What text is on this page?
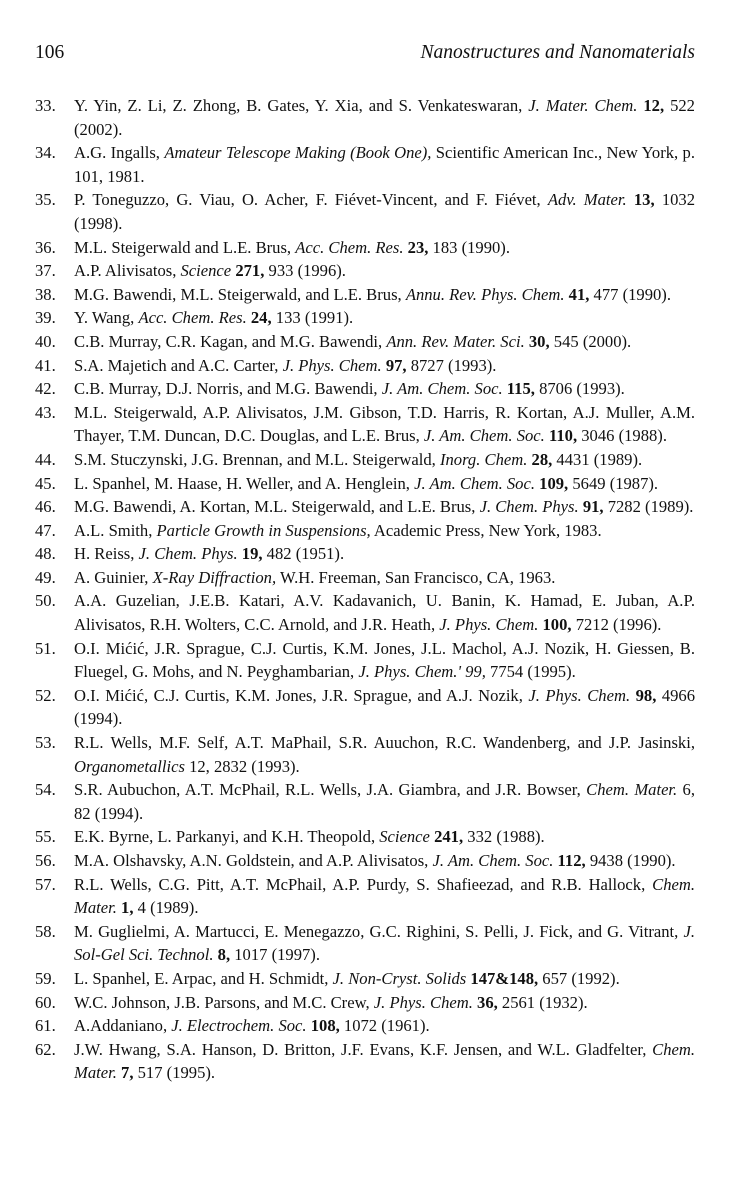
106	Nanostructures and Nanomaterials
33.	Y. Yin, Z. Li, Z. Zhong, B. Gates, Y. Xia, and S. Venkateswaran, J. Mater. Chem. 12, 522 (2002).
34.	A.G. Ingalls, Amateur Telescope Making (Book One), Scientific American Inc., New York, p. 101, 1981.
35.	P. Toneguzzo, G. Viau, O. Acher, F. Fiévet-Vincent, and F. Fiévet, Adv. Mater. 13, 1032 (1998).
36.	M.L. Steigerwald and L.E. Brus, Acc. Chem. Res. 23, 183 (1990).
37.	A.P. Alivisatos, Science 271, 933 (1996).
38.	M.G. Bawendi, M.L. Steigerwald, and L.E. Brus, Annu. Rev. Phys. Chem. 41, 477 (1990).
39.	Y. Wang, Acc. Chem. Res. 24, 133 (1991).
40.	C.B. Murray, C.R. Kagan, and M.G. Bawendi, Ann. Rev. Mater. Sci. 30, 545 (2000).
41.	S.A. Majetich and A.C. Carter, J. Phys. Chem. 97, 8727 (1993).
42.	C.B. Murray, D.J. Norris, and M.G. Bawendi, J. Am. Chem. Soc. 115, 8706 (1993).
43.	M.L. Steigerwald, A.P. Alivisatos, J.M. Gibson, T.D. Harris, R. Kortan, A.J. Muller, A.M. Thayer, T.M. Duncan, D.C. Douglas, and L.E. Brus, J. Am. Chem. Soc. 110, 3046 (1988).
44.	S.M. Stuczynski, J.G. Brennan, and M.L. Steigerwald, Inorg. Chem. 28, 4431 (1989).
45.	L. Spanhel, M. Haase, H. Weller, and A. Henglein, J. Am. Chem. Soc. 109, 5649 (1987).
46.	M.G. Bawendi, A. Kortan, M.L. Steigerwald, and L.E. Brus, J. Chem. Phys. 91, 7282 (1989).
47.	A.L. Smith, Particle Growth in Suspensions, Academic Press, New York, 1983.
48.	H. Reiss, J. Chem. Phys. 19, 482 (1951).
49.	A. Guinier, X-Ray Diffraction, W.H. Freeman, San Francisco, CA, 1963.
50.	A.A. Guzelian, J.E.B. Katari, A.V. Kadavanich, U. Banin, K. Hamad, E. Juban, A.P. Alivisatos, R.H. Wolters, C.C. Arnold, and J.R. Heath, J. Phys. Chem. 100, 7212 (1996).
51.	O.I. Mićić, J.R. Sprague, C.J. Curtis, K.M. Jones, J.L. Machol, A.J. Nozik, H. Giessen, B. Fluegel, G. Mohs, and N. Peyghambarian, J. Phys. Chem.' 99, 7754 (1995).
52.	O.I. Mićić, C.J. Curtis, K.M. Jones, J.R. Sprague, and A.J. Nozik, J. Phys. Chem. 98, 4966 (1994).
53.	R.L. Wells, M.F. Self, A.T. MaPhail, S.R. Auuchon, R.C. Wandenberg, and J.P. Jasinski, Organometallics 12, 2832 (1993).
54.	S.R. Aubuchon, A.T. McPhail, R.L. Wells, J.A. Giambra, and J.R. Bowser, Chem. Mater. 6, 82 (1994).
55.	E.K. Byrne, L. Parkanyi, and K.H. Theopold, Science 241, 332 (1988).
56.	M.A. Olshavsky, A.N. Goldstein, and A.P. Alivisatos, J. Am. Chem. Soc. 112, 9438 (1990).
57.	R.L. Wells, C.G. Pitt, A.T. McPhail, A.P. Purdy, S. Shafieezad, and R.B. Hallock, Chem. Mater. 1, 4 (1989).
58.	M. Guglielmi, A. Martucci, E. Menegazzo, G.C. Righini, S. Pelli, J. Fick, and G. Vitrant, J. Sol-Gel Sci. Technol. 8, 1017 (1997).
59.	L. Spanhel, E. Arpac, and H. Schmidt, J. Non-Cryst. Solids 147&148, 657 (1992).
60.	W.C. Johnson, J.B. Parsons, and M.C. Crew, J. Phys. Chem. 36, 2561 (1932).
61.	A.Addaniano, J. Electrochem. Soc. 108, 1072 (1961).
62.	J.W. Hwang, S.A. Hanson, D. Britton, J.F. Evans, K.F. Jensen, and W.L. Gladfelter, Chem. Mater. 7, 517 (1995).
